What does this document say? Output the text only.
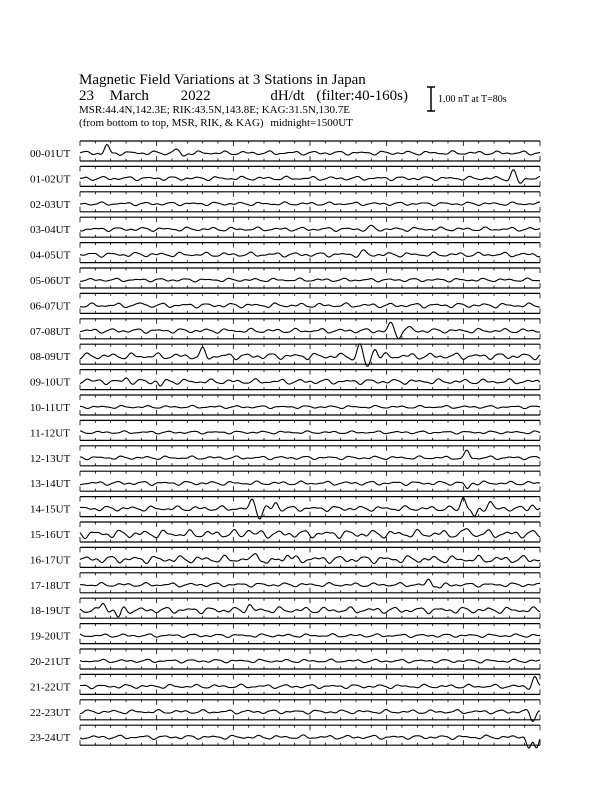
Magnetic Field Variations at 3 Stations in Japan
23 March 2022	dH/dt (filter:40-160s)
MSR:44.4N,142.3E; RIK:43.5N,143.8E; KAG:31.5N,130.7E
(from bottom to top, MSR, RIK, & KAG) midnight=1500UT
1.00 nT at T=80s
00-01UT
01-02UT
02-03UT
03-04UT
04-05UT
05-06UT
06-07UT
07-08UT
08-09UT
09-10UT
10-11UT
11-12UT
12-13UT
13-14UT
14-15UT
15-16UT
16-17UT
17-18UT
18-19UT
19-20UT
20-21UT
21-22UT
22-23UT
23-24UT
